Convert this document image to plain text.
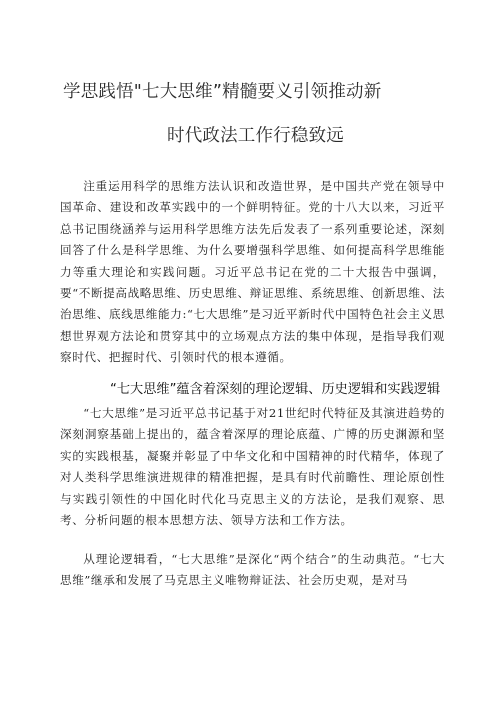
学思践悟"七大思维”精髓要义引领推动新
时代政法工作行稳致远

注重运用科学的思维方法认识和改造世界，是中国共产党在领导中国革命、建设和改革实践中的一个鲜明特征。党的十八大以来，习近平总书记围绕涵养与运用科学思维方法先后发表了一系列重要论述，深刻回答了什么是科学思维、为什么要增强科学思维、如何提高科学思维能力等重大理论和实践问题。习近平总书记在党的二十大报告中强调，要“不断提高战略思维、历史思维、辩证思维、系统思维、创新思维、法治思维、底线思维能力:“七大思维”是习近平新时代中国特色社会主义思想世界观方法论和贯穿其中的立场观点方法的集中体现，是指导我们观察时代、把握时代、引领时代的根本遵循。

“七大思维”蕴含着深刻的理论逻辑、历史逻辑和实践逻辑

“七大思维”是习近平总书记基于对21世纪时代特征及其演进趋势的深刻洞察基础上提出的，蕴含着深厚的理论底蕴、广博的历史渊源和坚实的实践根基，凝聚并彰显了中华文化和中国精神的时代精华，体现了对人类科学思维演进规律的精准把握，是具有时代前瞻性、理论原创性与实践引领性的中国化时代化马克思主义的方法论，是我们观察、思考、分析问题的根本思想方法、领导方法和工作方法。

从理论逻辑看，“七大思维”是深化“两个结合”的生动典范。“七大思维”继承和发展了马克思主义唯物辩证法、社会历史观，是对马
